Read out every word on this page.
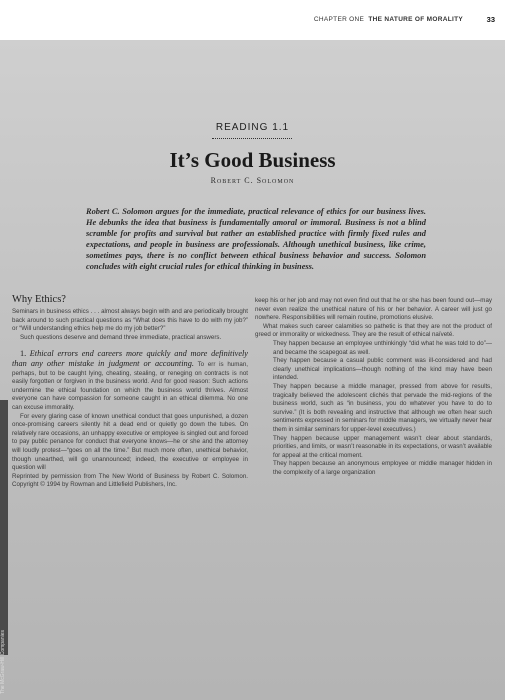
CHAPTER ONE THE NATURE OF MORALITY	33
The McGraw-Hill Companies
READING 1.1
It’s Good Business
Robert C. Solomon
Robert C. Solomon argues for the immediate, practical relevance of ethics for our business lives. He debunks the idea that business is fundamentally amoral or immoral. Business is not a blind scramble for profits and survival but rather an established practice with firmly fixed rules and expectations, and people in business are professionals. Although unethical business, like crime, sometimes pays, there is no conflict between ethical business behavior and success. Solomon concludes with eight crucial rules for ethical thinking in business.
Why Ethics?

Seminars in business ethics . . . almost always begin with and are periodically brought back around to such practical questions as “What does this have to do with my job?” or “Will understanding ethics help me do my job better?”

Such questions deserve and demand three immediate, practical answers.

1. Ethical errors end careers more quickly and more definitively than any other mistake in judgment or accounting. To err is human, perhaps, but to be caught lying, cheating, stealing, or reneging on contracts is not easily forgotten or forgiven in the business world. And for good reason: Such actions undermine the ethical foundation on which the business world thrives. Almost everyone can have compassion for someone caught in an ethical dilemma. No one can excuse immorality.

For every glaring case of known unethical conduct that goes unpunished, a dozen once-promising careers silently hit a dead end or quietly go down the tubes. On relatively rare occasions, an unhappy executive or employee is singled out and forced to pay public penance for conduct that everyone knows—he or she and the attorney will loudly protest—“goes on all the time.” But much more often, unethical behavior, though unearthed, will go unannounced; indeed, the executive or employee in question will

Reprinted by permission from The New World of Business by Robert C. Solomon. Copyright © 1994 by Rowman and Littlefield Publishers, Inc.

keep his or her job and may not even find out that he or she has been found out—may never even realize the unethical nature of his or her behavior. A career will just go nowhere. Responsibilities will remain routine, promotions elusive.

What makes such career calamities so pathetic is that they are not the product of greed or immorality or wickedness. They are the result of ethical naïveté.

They happen because an employee unthinkingly “did what he was told to do”—and became the scapegoat as well.

They happen because a casual public comment was ill-considered and had clearly unethical implications—though nothing of the kind may have been intended.

They happen because a middle manager, pressed from above for results, tragically believed the adolescent clichés that pervade the mid-regions of the business world, such as “in business, you do whatever you have to do to survive.” (It is both revealing and instructive that although we often hear such sentiments expressed in seminars for middle managers, we virtually never hear them in similar seminars for upper-level executives.)

They happen because upper management wasn’t clear about standards, priorities, and limits, or wasn’t reasonable in its expectations, or wasn’t available for appeal at the critical moment.

They happen because an anonymous employee or middle manager hidden in the complexity of a large organization
